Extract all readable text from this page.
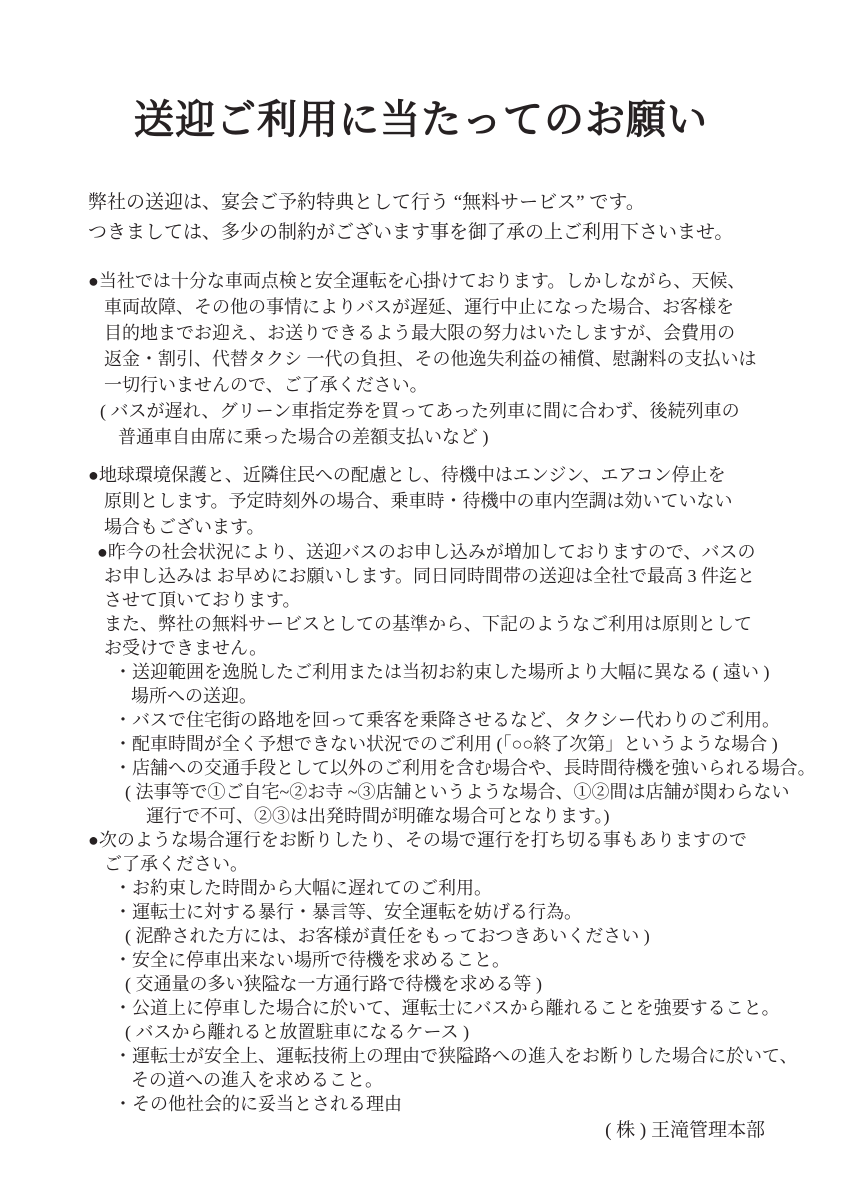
送迎ご利用に当たってのお願い
弊社の送迎は、宴会ご予約特典として行う “無料サービス” です。
つきましては、多少の制約がございます事を御了承の上ご利用下さいませ。
●当社では十分な車両点検と安全運転を心掛けております。しかしながら、天候、
車両故障、その他の事情によりバスが遅延、運行中止になった場合、お客様を
目的地までお迎え、お送りできるよう最大限の努力はいたしますが、会費用の
返金・割引、代替タクシ 一代の負担、その他逸失利益の補償、慰謝料の支払いは
一切行いませんので、ご了承ください。
( バスが遅れ、グリーン車指定券を買ってあった列車に間に合わず、後続列車の
普通車自由席に乗った場合の差額支払いなど )
●地球環境保護と、近隣住民への配慮とし、待機中はエンジン、エアコン停止を
原則とします。予定時刻外の場合、乗車時・待機中の車内空調は効いていない
場合もございます。
●昨今の社会状況により、送迎バスのお申し込みが増加しておりますので、バスの
お申し込みは お早めにお願いします。同日同時間帯の送迎は全社で最高 3 件迄と
させて頂いております。
また、弊社の無料サービスとしての基準から、下記のようなご利用は原則として
お受けできません。
・送迎範囲を逸脱したご利用または当初お約束した場所より大幅に異なる ( 遠い )
場所への送迎。
・バスで住宅街の路地を回って乗客を乗降させるなど、タクシー代わりのご利用。
・配車時間が全く予想できない状況でのご利用 (「○○終了次第」というような場合 )
・店舗への交通手段として以外のご利用を含む場合や、長時間待機を強いられる場合。
( 法事等で①ご自宅~②お寺 ~③店舗というような場合、①②間は店舗が関わらない
運行で不可、②③は出発時間が明確な場合可となります。)
●次のような場合運行をお断りしたり、その場で運行を打ち切る事もありますので
ご了承ください。
・お約束した時間から大幅に遅れてのご利用。
・運転士に対する暴行・暴言等、安全運転を妨げる行為。
( 泥酔された方には、お客様が責任をもっておつきあいください )
・安全に停車出来ない場所で待機を求めること。
( 交通量の多い狭隘な一方通行路で待機を求める等 )
・公道上に停車した場合に於いて、運転士にバスから離れることを強要すること。
( バスから離れると放置駐車になるケース )
・運転士が安全上、運転技術上の理由で狭隘路への進入をお断りした場合に於いて、
その道への進入を求めること。
・その他社会的に妥当とされる理由
( 株 ) 王滝管理本部
